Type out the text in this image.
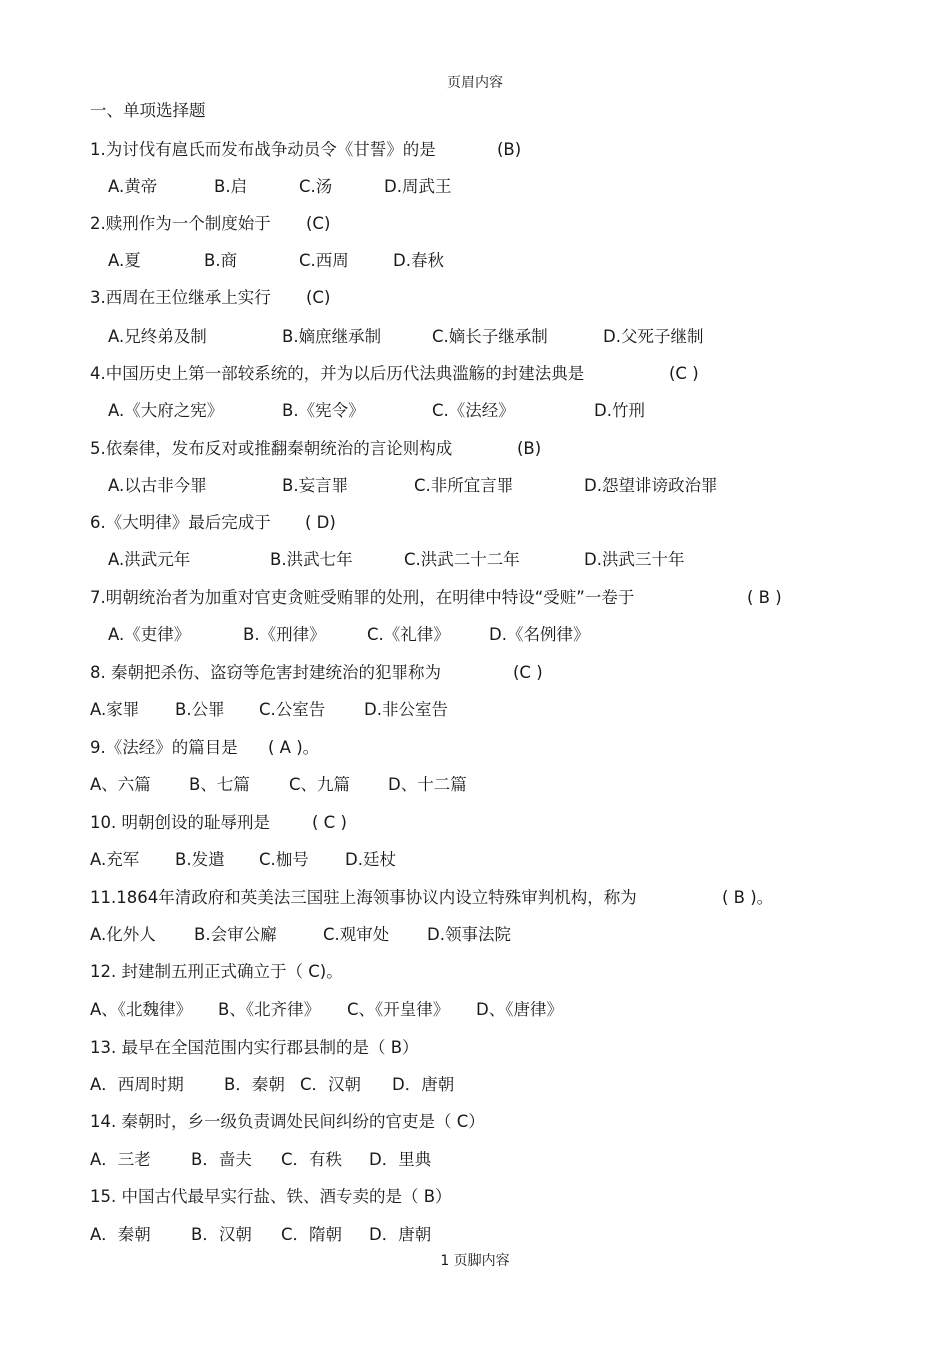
页眉内容
一、单项选择题
1.为讨伐有扈氏而发布战争动员令《甘誓》的是	(B)
A.黄帝	B.启	C.汤	D.周武王
2.赎刑作为一个制度始于 (C)
A.夏	B.商	C.西周	D.春秋
3.西周在王位继承上实行 (C)
A.兄终弟及制	B.嫡庶继承制	C.嫡长子继承制	D.父死子继制
4.中国历史上第一部较系统的，并为以后历代法典滥觞的封建法典是	(C )
A.《大府之宪》	B.《宪令》	C.《法经》	D.竹刑
5.依秦律，发布反对或推翻秦朝统治的言论则构成	(B)
A.以古非今罪	B.妄言罪	C.非所宜言罪	D.怨望诽谤政治罪
6.《大明律》最后完成于 ( D)
A.洪武元年	B.洪武七年	C.洪武二十二年	D.洪武三十年
7.明朝统治者为加重对官吏贪赃受贿罪的处刑，在明律中特设“受赃”一卷于	( B )
A.《吏律》	B.《刑律》	C.《礼律》 D.《名例律》
8. 秦朝把杀伤、盗窃等危害封建统治的犯罪称为	(C )
A.家罪 B.公罪 C.公室告 D.非公室告
9.《法经》的篇目是 ( A )。
A、六篇 B、七篇 C、九篇 D、十二篇
10. 明朝创设的耻辱刑是	( C )
A.充军 B.发遣 C.枷号 D.廷杖
11.1864年清政府和英美法三国驻上海领事协议内设立特殊审判机构，称为	( B )。
A.化外人 B.会审公廨	C.观审处 D.领事法院
12. 封建制五刑正式确立于（ C)。
A、《北魏律》 B、《北齐律》 C、《开皇律》 D、《唐律》
13. 最早在全国范围内实行郡县制的是（ B）
A．西周时期 B．秦朝 C．汉朝 D．唐朝
14. 秦朝时，乡一级负责调处民间纠纷的官吏是（ C）
A．三老 B．啬夫 C．有秩 D．里典
15. 中国古代最早实行盐、铁、酒专卖的是（ B）
A．秦朝 B．汉朝 C．隋朝 D．唐朝
1 页脚内容
